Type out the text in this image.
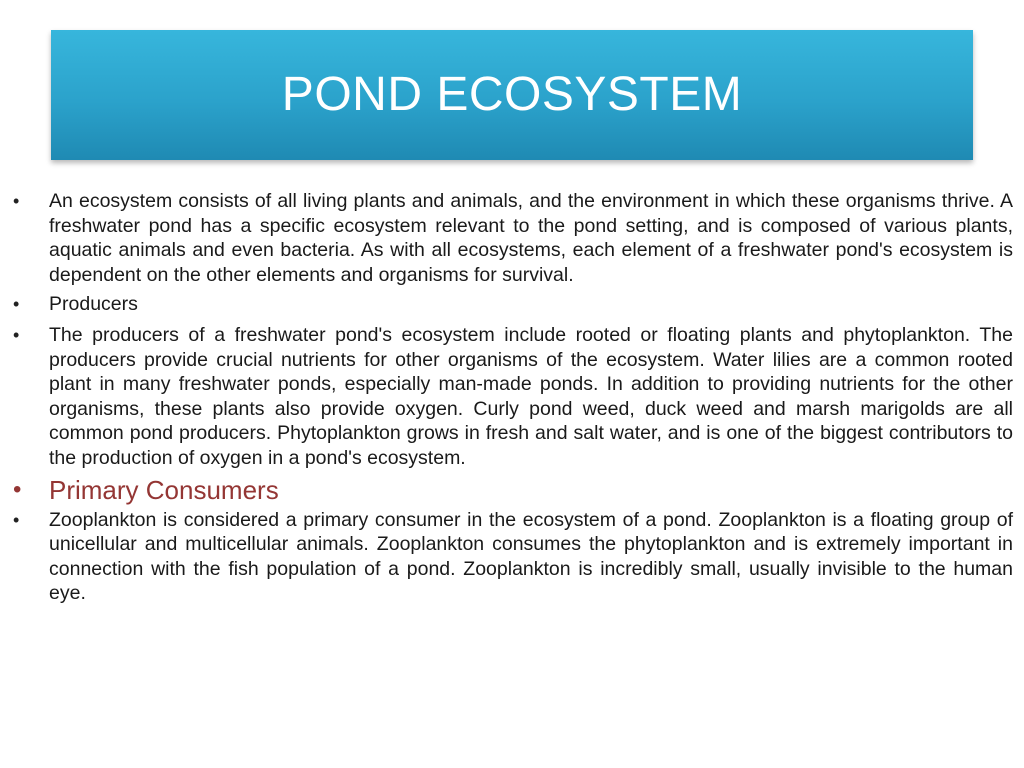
POND ECOSYSTEM
• An ecosystem consists of all living plants and animals, and the environment in which these organisms thrive. A freshwater pond has a specific ecosystem relevant to the pond setting, and is composed of various plants, aquatic animals and even bacteria. As with all ecosystems, each element of a freshwater pond's ecosystem is dependent on the other elements and organisms for survival.
• Producers
• The producers of a freshwater pond's ecosystem include rooted or floating plants and phytoplankton. The producers provide crucial nutrients for other organisms of the ecosystem. Water lilies are a common rooted plant in many freshwater ponds, especially man-made ponds. In addition to providing nutrients for the other organisms, these plants also provide oxygen. Curly pond weed, duck weed and marsh marigolds are all common pond producers. Phytoplankton grows in fresh and salt water, and is one of the biggest contributors to the production of oxygen in a pond's ecosystem.
• Primary Consumers
• Zooplankton is considered a primary consumer in the ecosystem of a pond. Zooplankton is a floating group of unicellular and multicellular animals. Zooplankton consumes the phytoplankton and is extremely important in connection with the fish population of a pond. Zooplankton is incredibly small, usually invisible to the human eye.
